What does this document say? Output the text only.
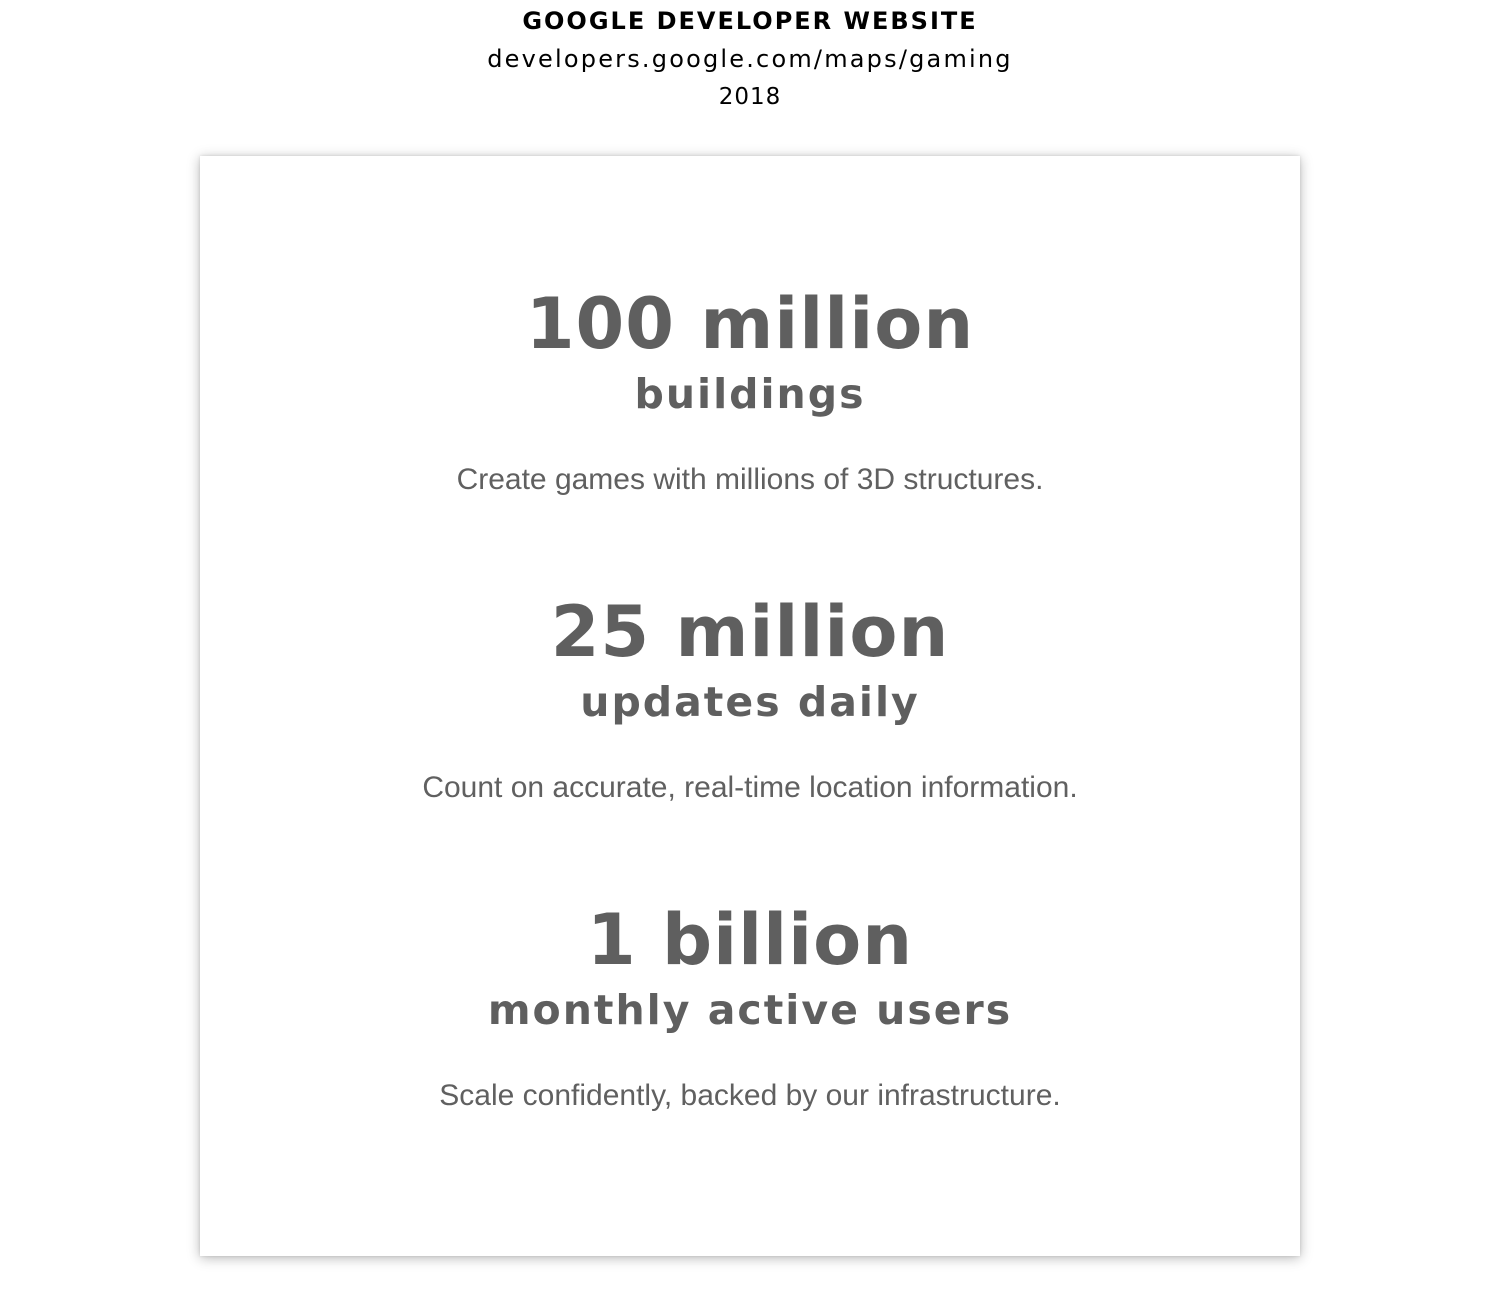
GOOGLE DEVELOPER WEBSITE
developers.google.com/maps/gaming
2018
100 million
buildings
Create games with millions of 3D structures.
25 million
updates daily
Count on accurate, real-time location information.
1 billion
monthly active users
Scale confidently, backed by our infrastructure.
